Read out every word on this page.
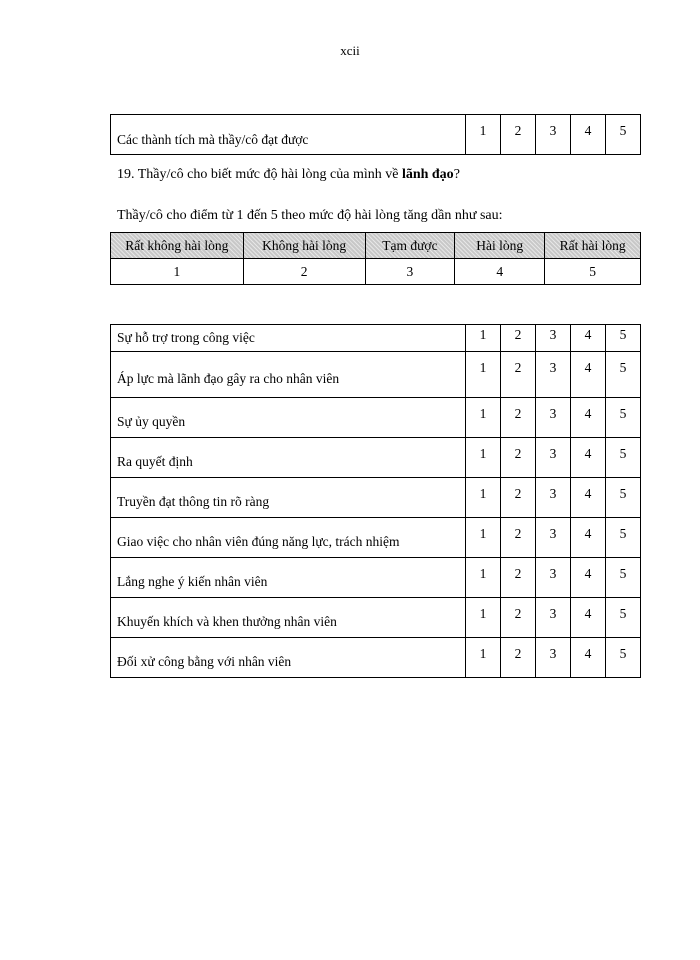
xcii
Các thành tích mà thầy/cô đạt được	1	2	3	4	5
19. Thầy/cô cho biết mức độ hài lòng của mình về lãnh đạo?
Thầy/cô cho điểm từ 1 đến 5 theo mức độ hài lòng tăng dần như sau:
Rất không hài lòng	Không hài lòng	Tạm được	Hài lòng	Rất hài lòng
1	2	3	4	5
Sự hỗ trợ trong công việc	1	2	3	4	5
Áp lực mà lãnh đạo gây ra cho nhân viên	1	2	3	4	5
Sự ủy quyền	1	2	3	4	5
Ra quyết định	1	2	3	4	5
Truyền đạt thông tin rõ ràng	1	2	3	4	5
Giao việc cho nhân viên đúng năng lực, trách nhiệm	1	2	3	4	5
Lắng nghe ý kiến nhân viên	1	2	3	4	5
Khuyến khích và khen thưởng nhân viên	1	2	3	4	5
Đối xử công bằng với nhân viên	1	2	3	4	5
